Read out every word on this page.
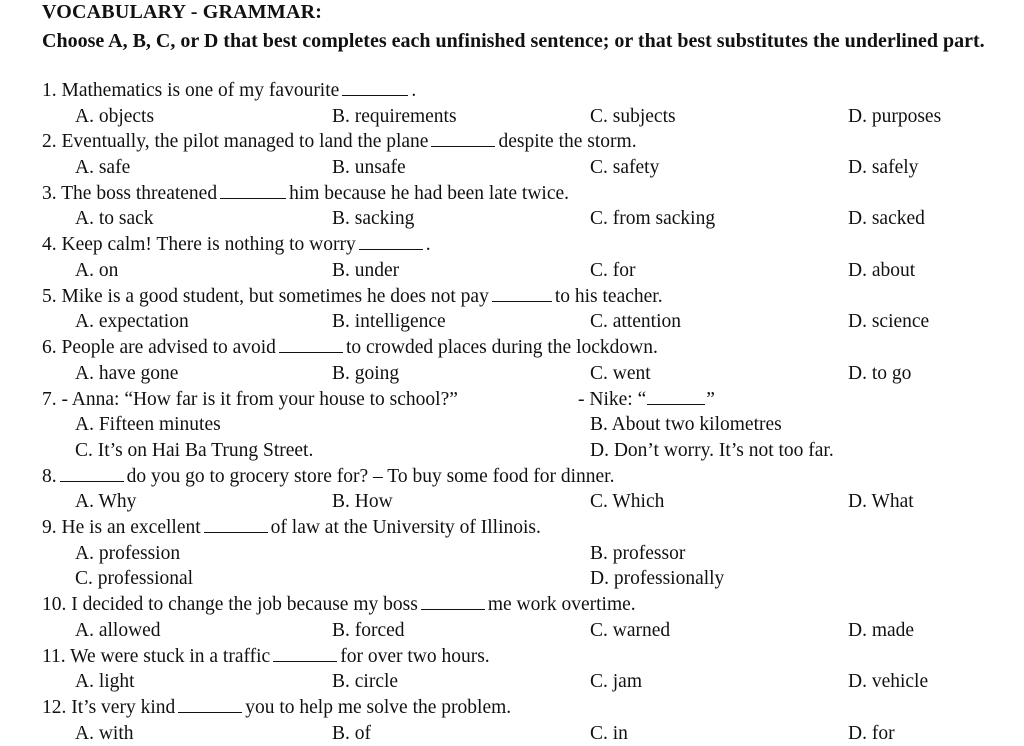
VOCABULARY - GRAMMAR:
Choose A, B, C, or D that best completes each unfinished sentence; or that best substitutes the underlined part.
1. Mathematics is one of my favourite	.
A. objects	B. requirements	C. subjects	D. purposes
2. Eventually, the pilot managed to land the plane	despite the storm.
A. safe	B. unsafe	C. safety	D. safely
3. The boss threatened	him because he had been late twice.
A. to sack	B. sacking	C. from sacking	D. sacked
4. Keep calm! There is nothing to worry	.
A. on	B. under	C. for	D. about
5. Mike is a good student, but sometimes he does not pay	to his teacher.
A. expectation	B. intelligence	C. attention	D. science
6. People are advised to avoid	to crowded places during the lockdown.
A. have gone	B. going	C. went	D. to go
7. - Anna: “How far is it from your house to school?”	- Nike: “	”
A. Fifteen minutes	B. About two kilometres
C. It’s on Hai Ba Trung Street.	D. Don’t worry. It’s not too far.
8.	do you go to grocery store for? – To buy some food for dinner.
A. Why	B. How	C. Which	D. What
9. He is an excellent	of law at the University of Illinois.
A. profession	B. professor
C. professional	D. professionally
10. I decided to change the job because my boss	me work overtime.
A. allowed	B. forced	C. warned	D. made
11. We were stuck in a traffic	for over two hours.
A. light	B. circle	C. jam	D. vehicle
12. It’s very kind	you to help me solve the problem.
A. with	B. of	C. in	D. for
